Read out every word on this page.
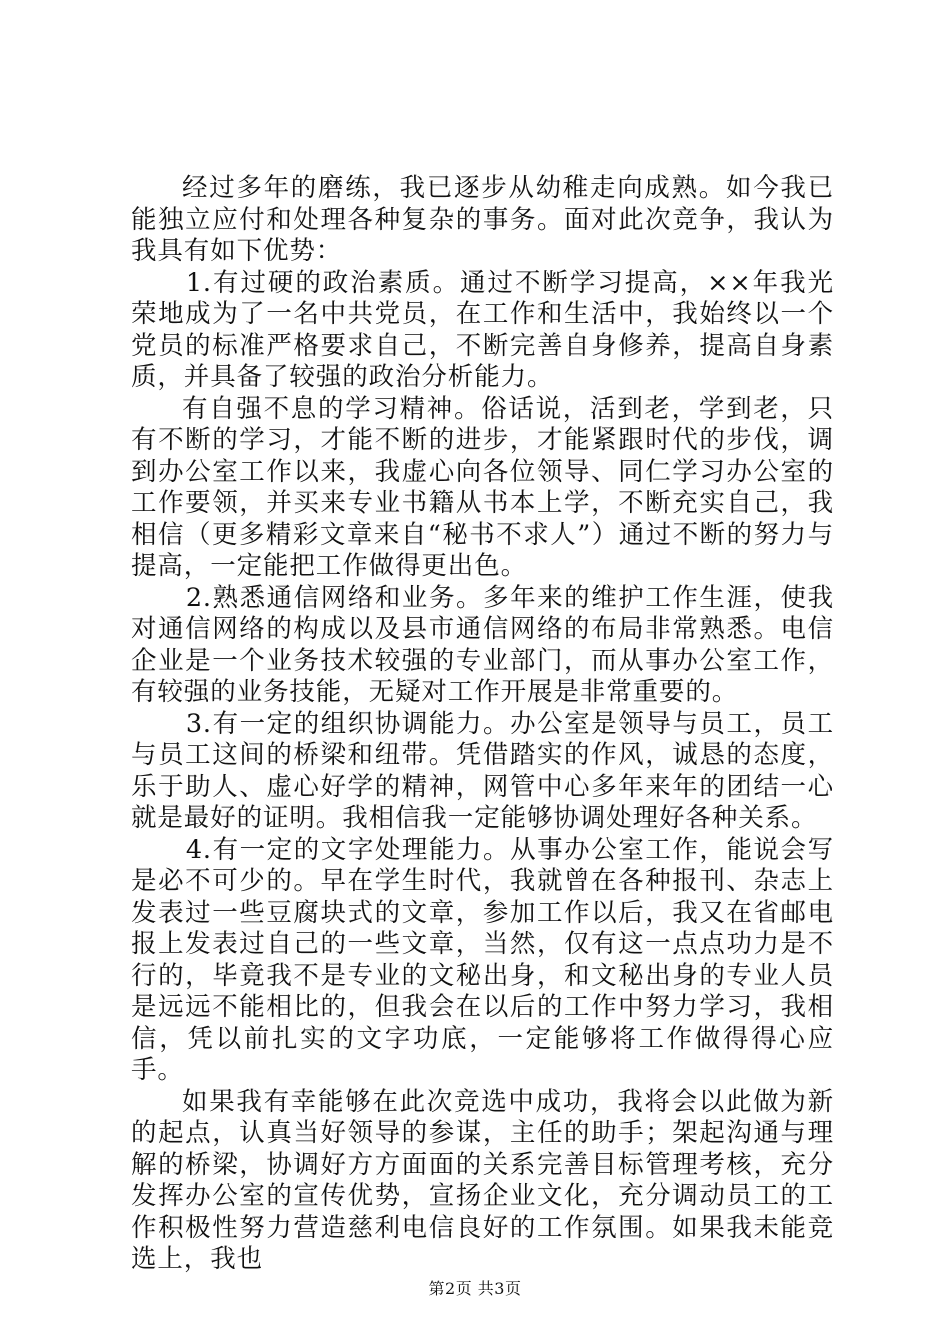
经过多年的磨练，我已逐步从幼稚走向成熟。如今我已能独立应付和处理各种复杂的事务。面对此次竞争，我认为我具有如下优势：

1.有过硬的政治素质。通过不断学习提高，××年我光荣地成为了一名中共党员，在工作和生活中，我始终以一个党员的标准严格要求自己，不断完善自身修养，提高自身素质，并具备了较强的政治分析能力。

有自强不息的学习精神。俗话说，活到老，学到老，只有不断的学习，才能不断的进步，才能紧跟时代的步伐，调到办公室工作以来，我虚心向各位领导、同仁学习办公室的工作要领，并买来专业书籍从书本上学，不断充实自己，我相信（更多精彩文章来自“秘书不求人”）通过不断的努力与提高，一定能把工作做得更出色。

2.熟悉通信网络和业务。多年来的维护工作生涯，使我对通信网络的构成以及县市通信网络的布局非常熟悉。电信企业是一个业务技术较强的专业部门，而从事办公室工作，有较强的业务技能，无疑对工作开展是非常重要的。

3.有一定的组织协调能力。办公室是领导与员工，员工与员工这间的桥梁和纽带。凭借踏实的作风，诚恳的态度，乐于助人、虚心好学的精神，网管中心多年来年的团结一心就是最好的证明。我相信我一定能够协调处理好各种关系。

4.有一定的文字处理能力。从事办公室工作，能说会写是必不可少的。早在学生时代，我就曾在各种报刊、杂志上发表过一些豆腐块式的文章，参加工作以后，我又在省邮电报上发表过自己的一些文章，当然，仅有这一点点功力是不行的，毕竟我不是专业的文秘出身，和文秘出身的专业人员是远远不能相比的，但我会在以后的工作中努力学习，我相信，凭以前扎实的文字功底，一定能够将工作做得得心应手。

如果我有幸能够在此次竞选中成功，我将会以此做为新的起点，认真当好领导的参谋，主任的助手；架起沟通与理解的桥梁，协调好方方面面的关系完善目标管理考核，充分发挥办公室的宣传优势，宣扬企业文化，充分调动员工的工作积极性努力营造慈利电信良好的工作氛围。如果我未能竞选上，我也

第2页 共3页
